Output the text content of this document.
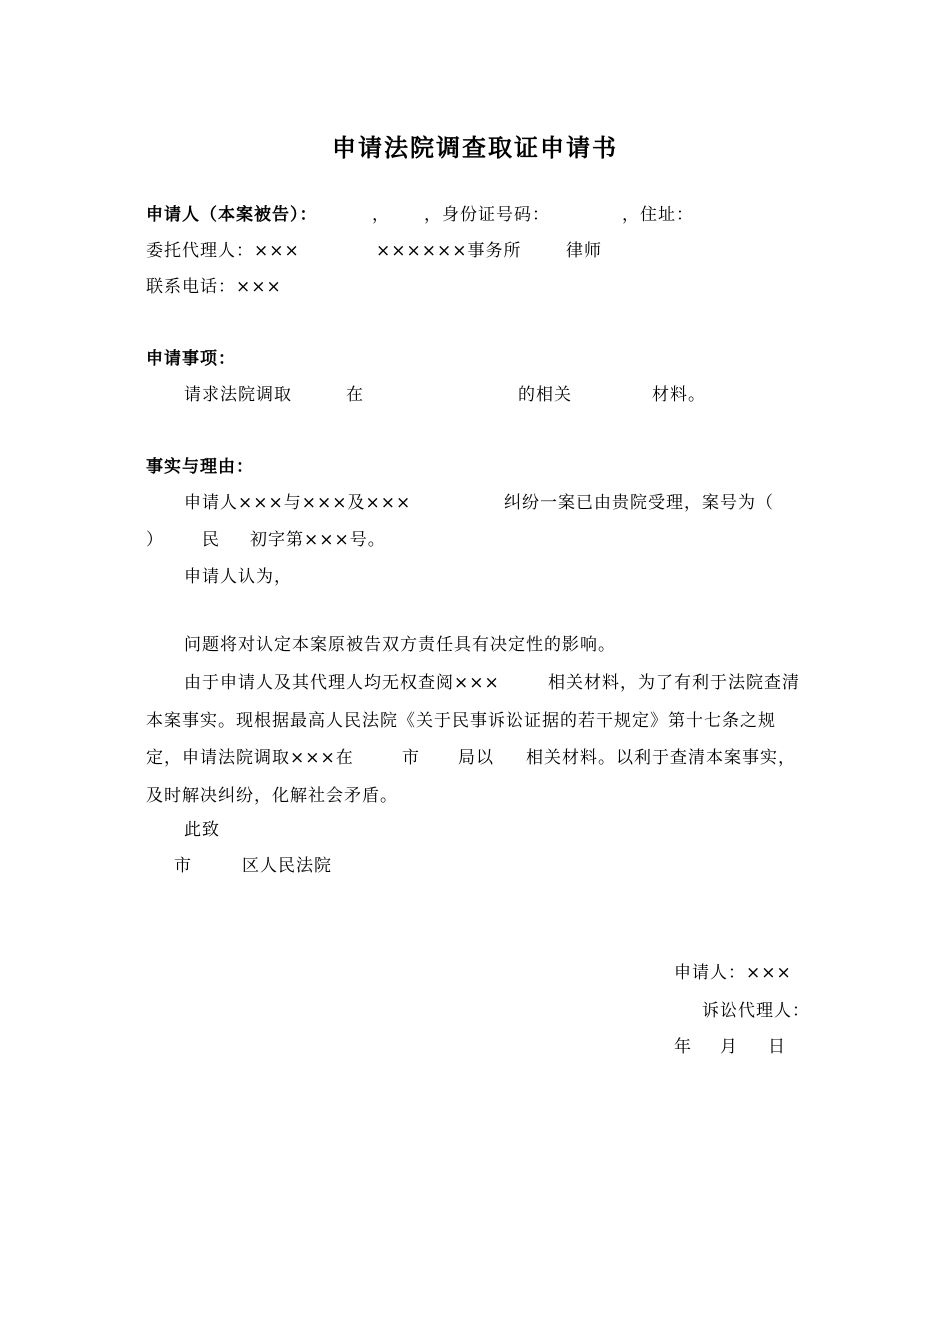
申请法院调查取证申请书
申请人（本案被告）：	， ，身份证号码：	，住址：
委托代理人：×××	××××××事务所	律师
联系电话：×××
申请事项：
请求法院调取	在	的相关	材料。
事实与理由：
申请人×××与×××及×××	纠纷一案已由贵院受理，案号为（
） 民 初字第×××号。
申请人认为，
问题将对认定本案原被告双方责任具有决定性的影响。
由于申请人及其代理人均无权查阅×××	相关材料，为了有利于法院查清
本案事实。现根据最高人民法院《关于民事诉讼证据的若干规定》第十七条之规
定，申请法院调取×××在	市 局以 相关材料。以利于查清本案事实，
及时解决纠纷，化解社会矛盾。
此致
市	区人民法院
申请人：×××
诉讼代理人：
年 月 日
